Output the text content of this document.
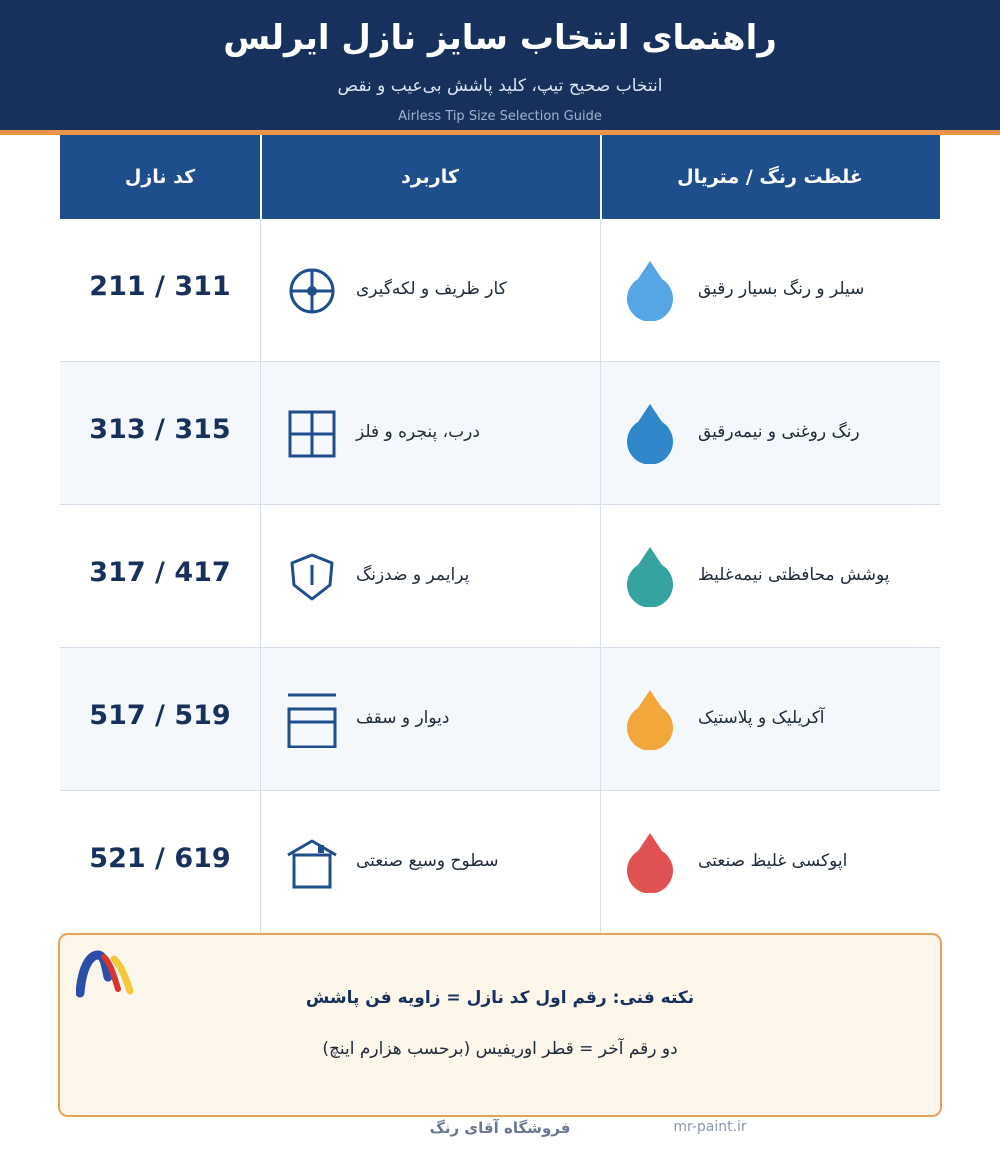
راهنمای انتخاب سایز نازل ایرلس
انتخاب صحیح تیپ، کلید پاشش بی‌عیب و نقص
Airless Tip Size Selection Guide
کد نازل	کاربرد	غلظت رنگ / متریال
211 / 311	کار ظریف و لکه‌گیری	سیلر و رنگ بسیار رقیق
313 / 315	درب، پنجره و فلز	رنگ روغنی و نیمه‌رقیق
317 / 417	پرایمر و ضدزنگ	پوشش محافظتی نیمه‌غلیظ
517 / 519	دیوار و سقف	آکریلیک و پلاستیک
521 / 619	سطوح وسیع صنعتی	اپوکسی غلیظ صنعتی
نکته فنی: رقم اول کد نازل = زاویه فن پاشش
دو رقم آخر = قطر اوریفیس (برحسب هزارم اینچ)
فروشگاه آقای رنگ	mr-paint.ir
